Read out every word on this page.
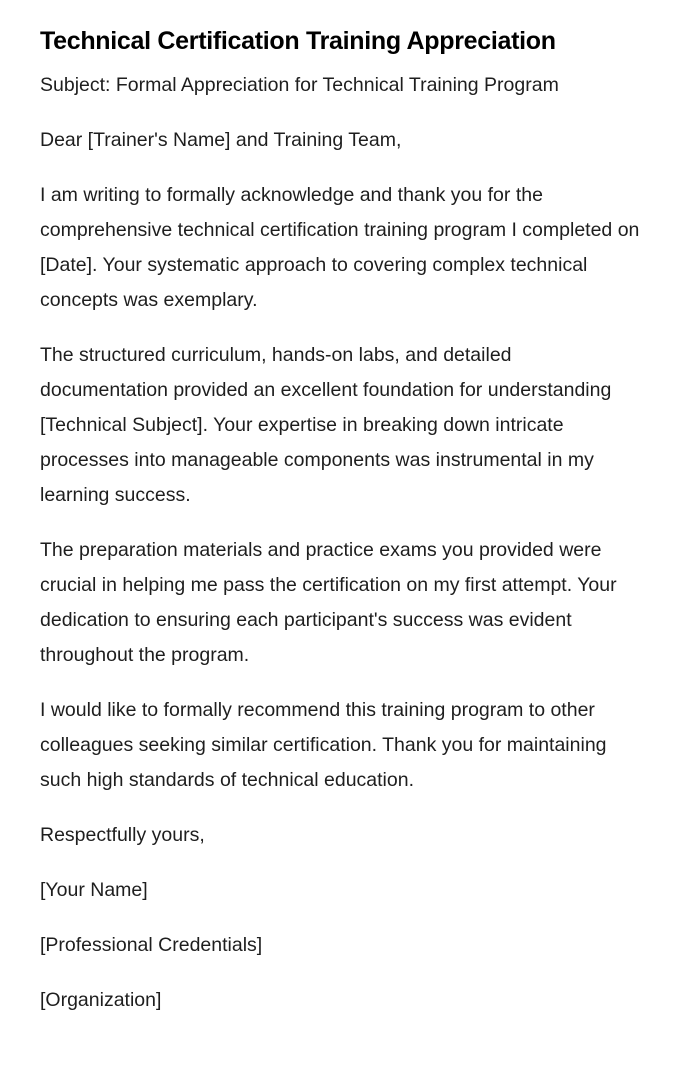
Technical Certification Training Appreciation

Subject: Formal Appreciation for Technical Training Program

Dear [Trainer's Name] and Training Team,

I am writing to formally acknowledge and thank you for the comprehensive technical certification training program I completed on [Date]. Your systematic approach to covering complex technical concepts was exemplary.

The structured curriculum, hands-on labs, and detailed documentation provided an excellent foundation for understanding [Technical Subject]. Your expertise in breaking down intricate processes into manageable components was instrumental in my learning success.

The preparation materials and practice exams you provided were crucial in helping me pass the certification on my first attempt. Your dedication to ensuring each participant's success was evident throughout the program.

I would like to formally recommend this training program to other colleagues seeking similar certification. Thank you for maintaining such high standards of technical education.

Respectfully yours,

[Your Name]

[Professional Credentials]

[Organization]
